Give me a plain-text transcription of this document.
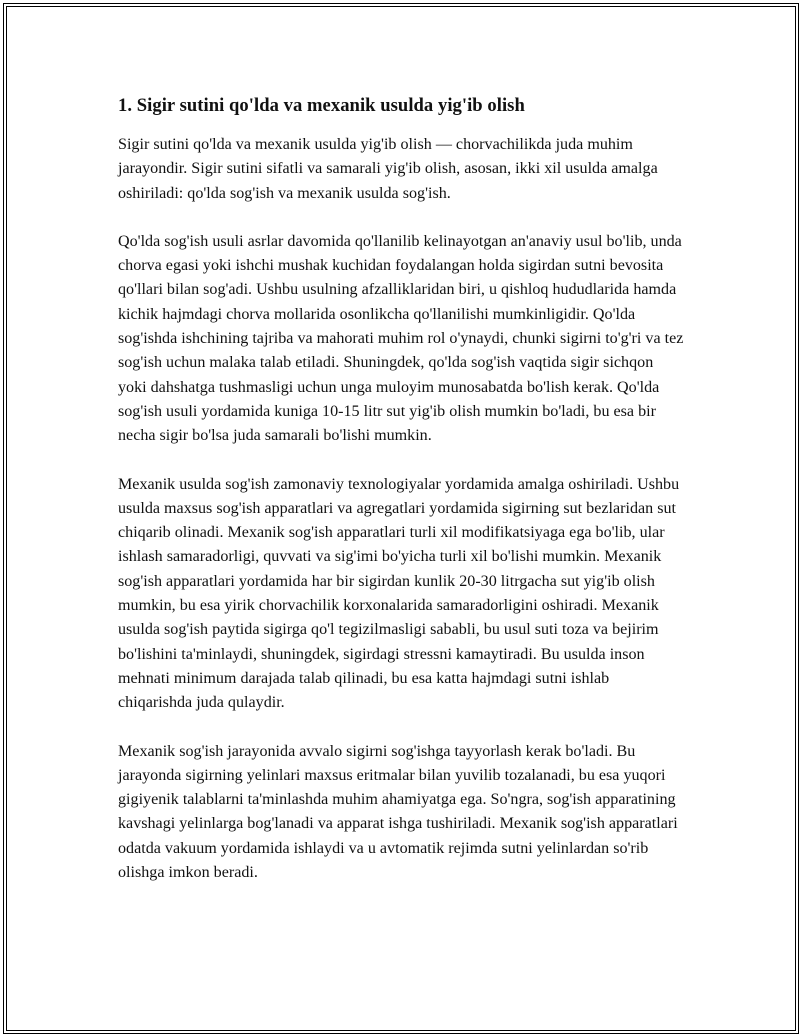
1. Sigir sutini qo'lda va mexanik usulda yig'ib olish

Sigir sutini qo'lda va mexanik usulda yig'ib olish — chorvachilikda juda muhim jarayondir. Sigir sutini sifatli va samarali yig'ib olish, asosan, ikki xil usulda amalga oshiriladi: qo'lda sog'ish va mexanik usulda sog'ish.

Qo'lda sog'ish usuli asrlar davomida qo'llanilib kelinayotgan an'anaviy usul bo'lib, unda chorva egasi yoki ishchi mushak kuchidan foydalangan holda sigirdan sutni bevosita qo'llari bilan sog'adi. Ushbu usulning afzalliklaridan biri, u qishloq hududlarida hamda kichik hajmdagi chorva mollarida osonlikcha qo'llanilishi mumkinligidir. Qo'lda sog'ishda ishchining tajriba va mahorati muhim rol o'ynaydi, chunki sigirni to'g'ri va tez sog'ish uchun malaka talab etiladi. Shuningdek, qo'lda sog'ish vaqtida sigir sichqon yoki dahshatga tushmasligi uchun unga muloyim munosabatda bo'lish kerak. Qo'lda sog'ish usuli yordamida kuniga 10-15 litr sut yig'ib olish mumkin bo'ladi, bu esa bir necha sigir bo'lsa juda samarali bo'lishi mumkin.

Mexanik usulda sog'ish zamonaviy texnologiyalar yordamida amalga oshiriladi. Ushbu usulda maxsus sog'ish apparatlari va agregatlari yordamida sigirning sut bezlaridan sut chiqarib olinadi. Mexanik sog'ish apparatlari turli xil modifikatsiyaga ega bo'lib, ular ishlash samaradorligi, quvvati va sig'imi bo'yicha turli xil bo'lishi mumkin. Mexanik sog'ish apparatlari yordamida har bir sigirdan kunlik 20-30 litrgacha sut yig'ib olish mumkin, bu esa yirik chorvachilik korxonalarida samaradorligini oshiradi. Mexanik usulda sog'ish paytida sigirga qo'l tegizilmasligi sababli, bu usul suti toza va bejirim bo'lishini ta'minlaydi, shuningdek, sigirdagi stressni kamaytiradi. Bu usulda inson mehnati minimum darajada talab qilinadi, bu esa katta hajmdagi sutni ishlab chiqarishda juda qulaydir.

Mexanik sog'ish jarayonida avvalo sigirni sog'ishga tayyorlash kerak bo'ladi. Bu jarayonda sigirning yelinlari maxsus eritmalar bilan yuvilib tozalanadi, bu esa yuqori gigiyenik talablarni ta'minlashda muhim ahamiyatga ega. So'ngra, sog'ish apparatining kavshagi yelinlarga bog'lanadi va apparat ishga tushiriladi. Mexanik sog'ish apparatlari odatda vakuum yordamida ishlaydi va u avtomatik rejimda sutni yelinlardan so'rib olishga imkon beradi.
